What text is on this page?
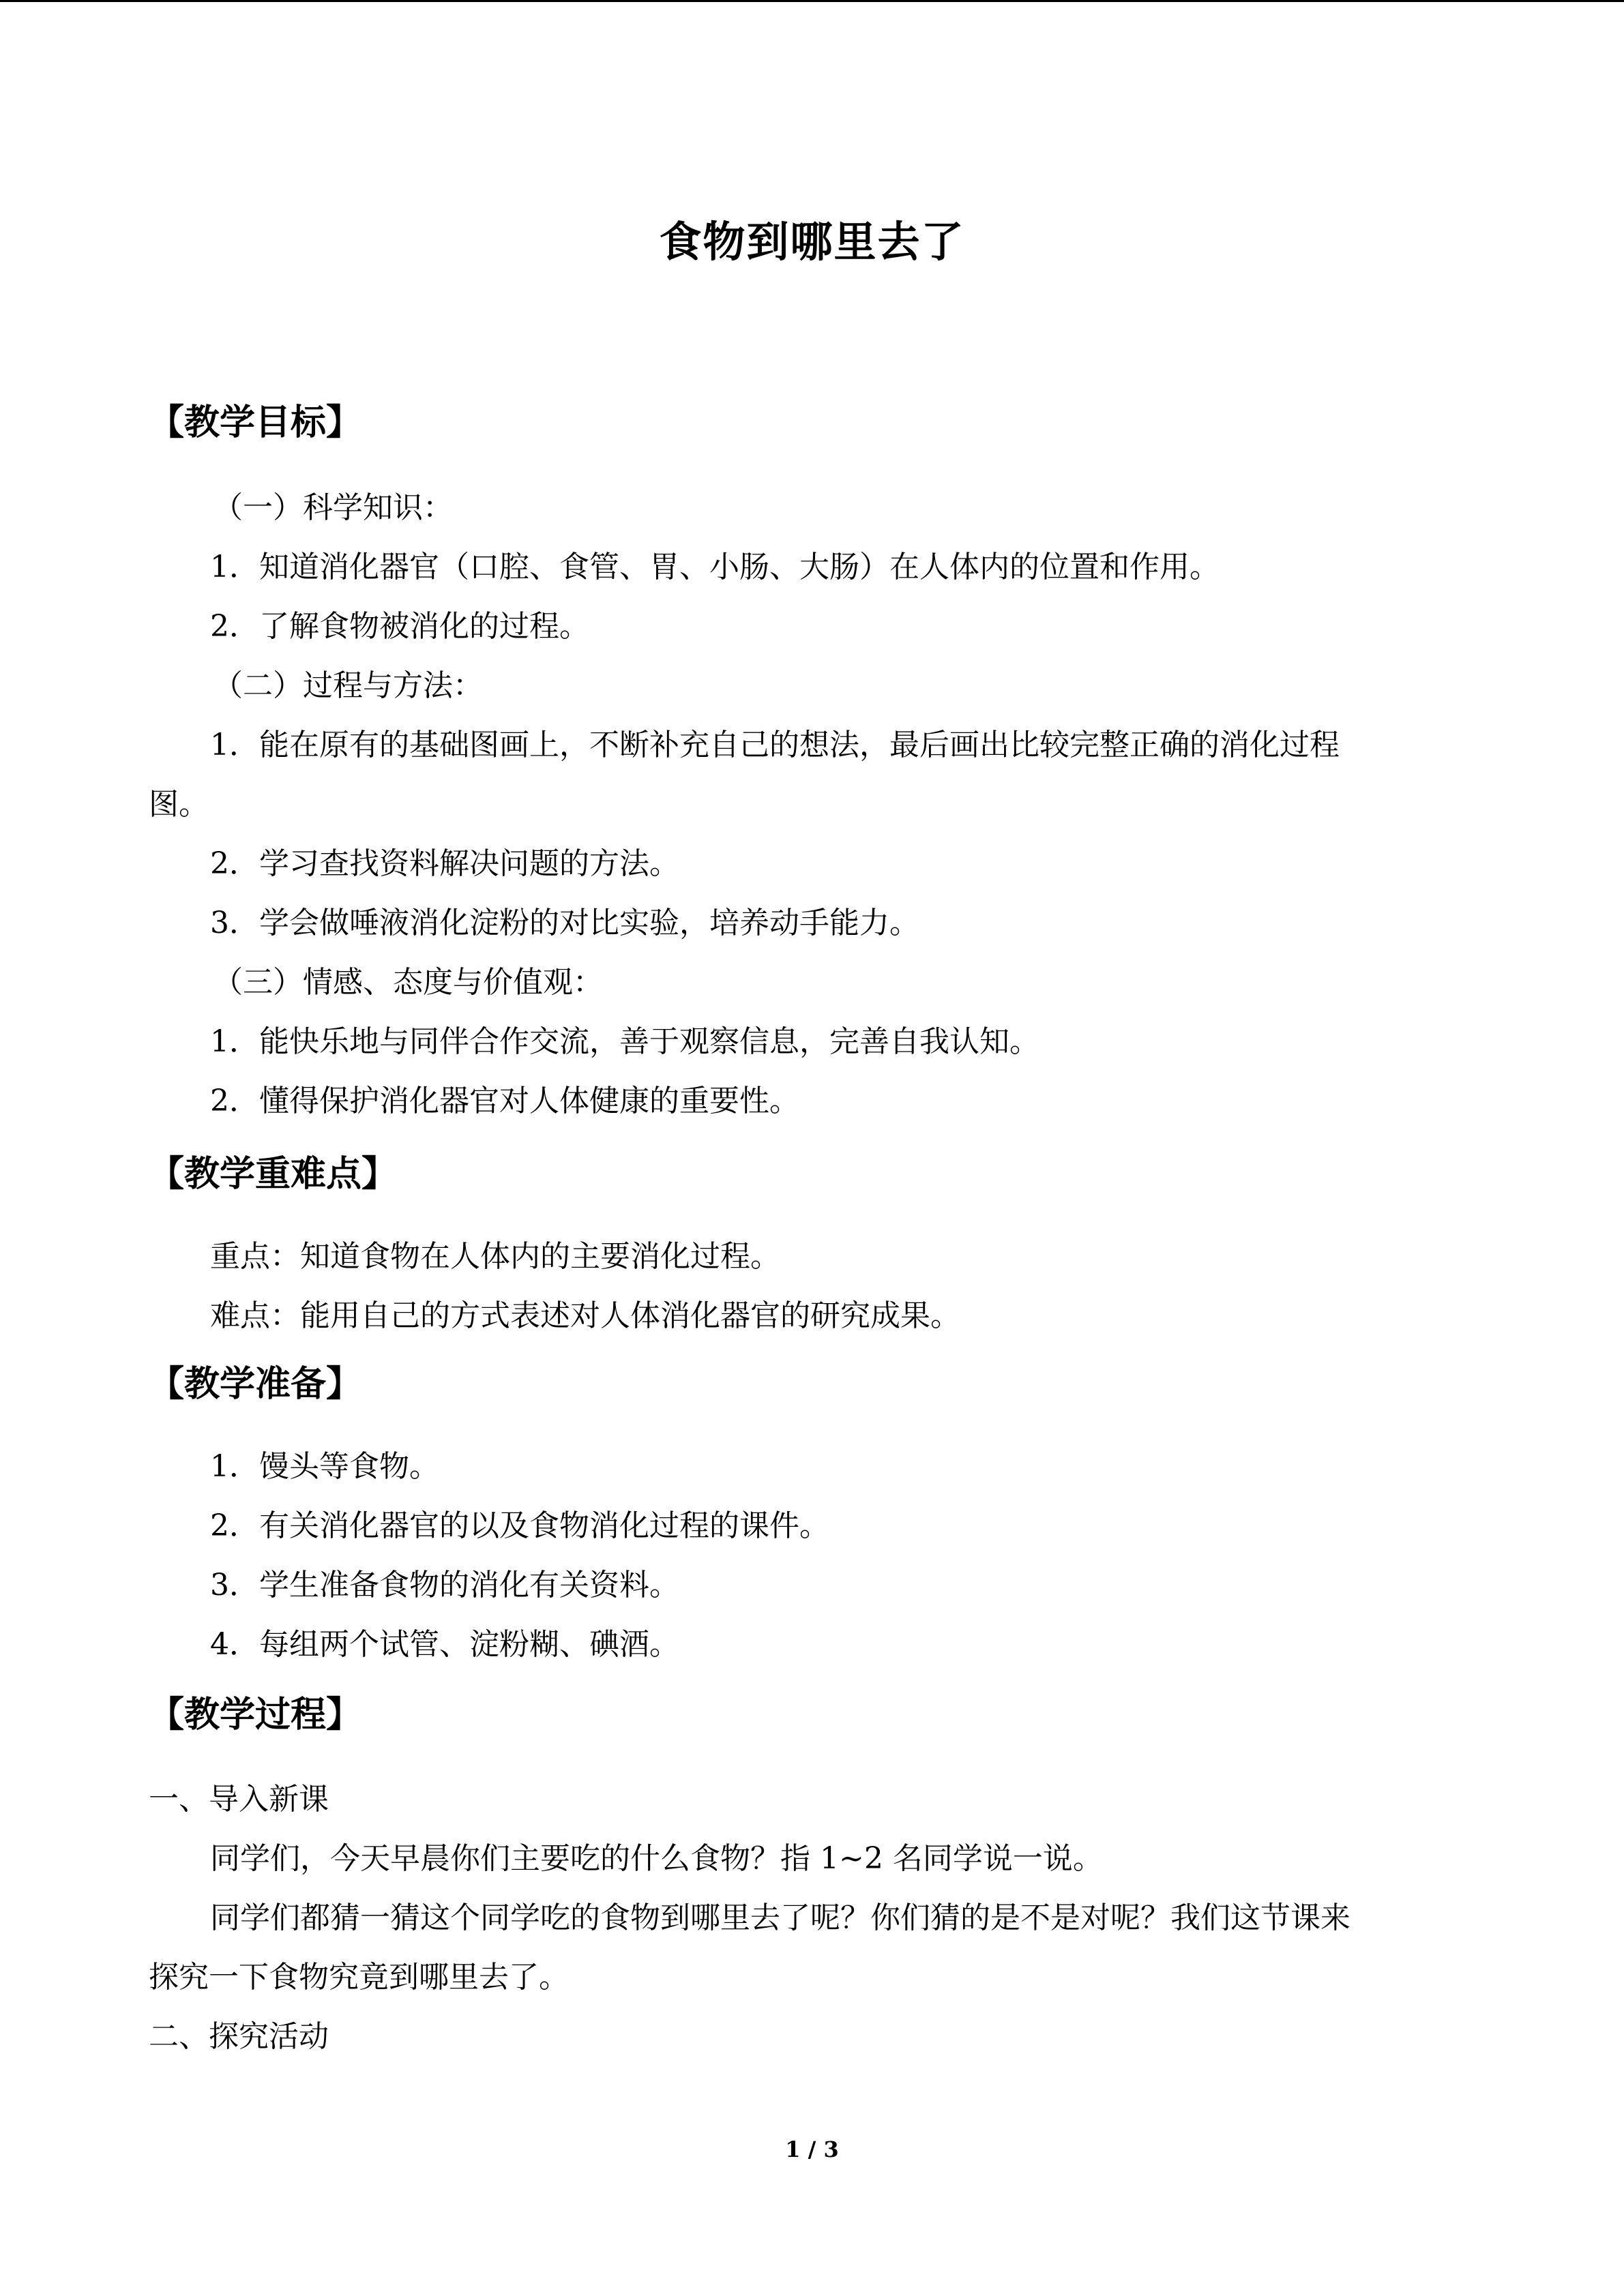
食物到哪里去了
【教学目标】
（一）科学知识：
1．知道消化器官（口腔、食管、胃、小肠、大肠）在人体内的位置和作用。
2．了解食物被消化的过程。
（二）过程与方法：
1．能在原有的基础图画上，不断补充自己的想法，最后画出比较完整正确的消化过程
图。
2．学习查找资料解决问题的方法。
3．学会做唾液消化淀粉的对比实验，培养动手能力。
（三）情感、态度与价值观：
1．能快乐地与同伴合作交流，善于观察信息，完善自我认知。
2．懂得保护消化器官对人体健康的重要性。
【教学重难点】
重点：知道食物在人体内的主要消化过程。
难点：能用自己的方式表述对人体消化器官的研究成果。
【教学准备】
1．馒头等食物。
2．有关消化器官的以及食物消化过程的课件。
3．学生准备食物的消化有关资料。
4．每组两个试管、淀粉糊、碘酒。
【教学过程】
一、导入新课
同学们，今天早晨你们主要吃的什么食物？指 1~2 名同学说一说。
同学们都猜一猜这个同学吃的食物到哪里去了呢？你们猜的是不是对呢？我们这节课来
探究一下食物究竟到哪里去了。
二、探究活动
1 / 3
